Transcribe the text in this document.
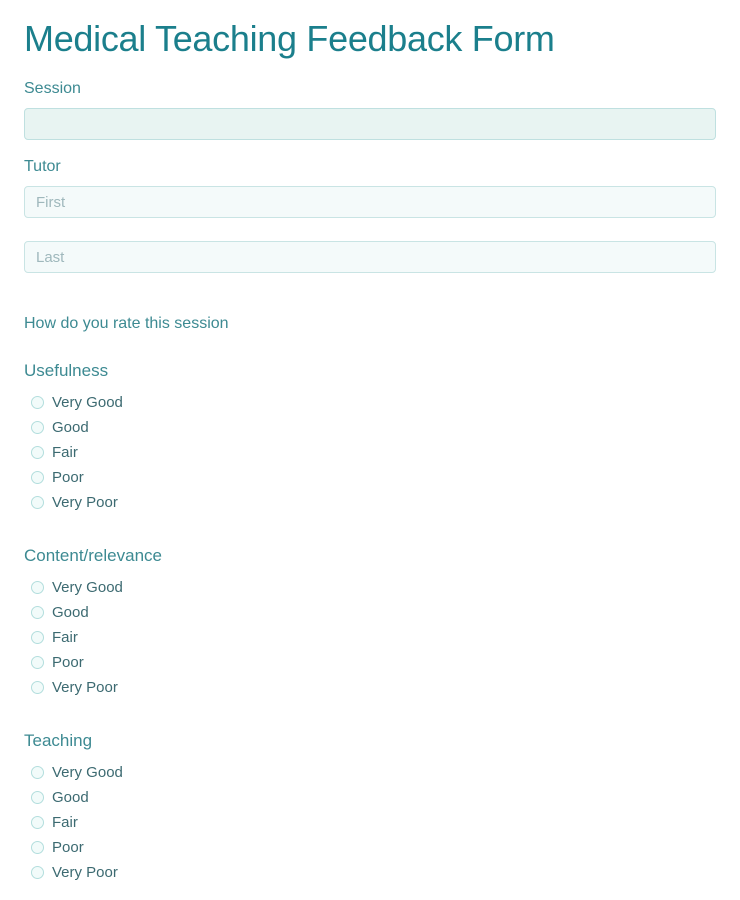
Medical Teaching Feedback Form
Session
Tutor
First
Last
How do you rate this session
Usefulness
Very Good
Good
Fair
Poor
Very Poor
Content/relevance
Very Good
Good
Fair
Poor
Very Poor
Teaching
Very Good
Good
Fair
Poor
Very Poor
